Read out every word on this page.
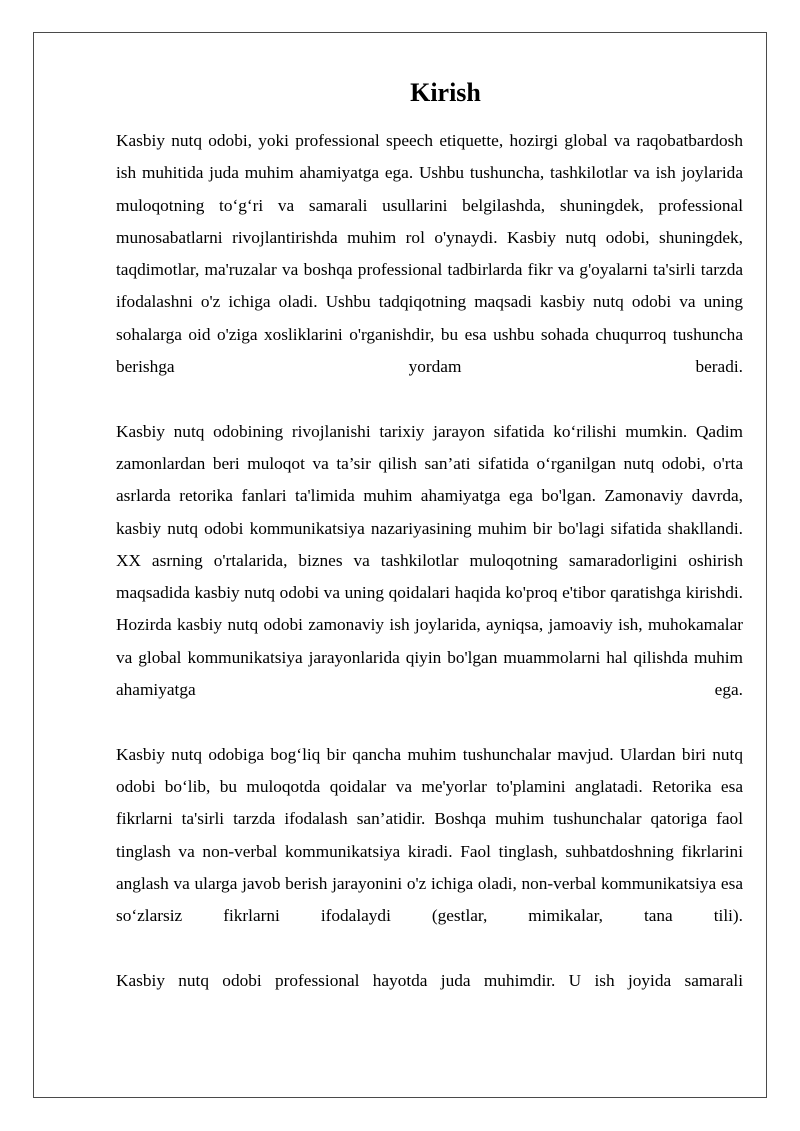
Kirish

Kasbiy nutq odobi, yoki professional speech etiquette, hozirgi global va raqobatbardosh ish muhitida juda muhim ahamiyatga ega. Ushbu tushuncha, tashkilotlar va ish joylarida muloqotning to‘g‘ri va samarali usullarini belgilashda, shuningdek, professional munosabatlarni rivojlantirishda muhim rol o'ynaydi. Kasbiy nutq odobi, shuningdek, taqdimotlar, ma'ruzalar va boshqa professional tadbirlarda fikr va g'oyalarni ta'sirli tarzda ifodalashni o'z ichiga oladi. Ushbu tadqiqotning maqsadi kasbiy nutq odobi va uning sohalarga oid o'ziga xosliklarini o'rganishdir, bu esa ushbu sohada chuqurroq tushuncha berishga yordam beradi.

Kasbiy nutq odobining rivojlanishi tarixiy jarayon sifatida ko‘rilishi mumkin. Qadim zamonlardan beri muloqot va ta’sir qilish san’ati sifatida o‘rganilgan nutq odobi, o'rta asrlarda retorika fanlari ta'limida muhim ahamiyatga ega bo'lgan. Zamonaviy davrda, kasbiy nutq odobi kommunikatsiya nazariyasining muhim bir bo'lagi sifatida shakllandi. XX asrning o'rtalarida, biznes va tashkilotlar muloqotning samaradorligini oshirish maqsadida kasbiy nutq odobi va uning qoidalari haqida ko'proq e'tibor qaratishga kirishdi. Hozirda kasbiy nutq odobi zamonaviy ish joylarida, ayniqsa, jamoaviy ish, muhokamalar va global kommunikatsiya jarayonlarida qiyin bo'lgan muammolarni hal qilishda muhim ahamiyatga ega.

Kasbiy nutq odobiga bog‘liq bir qancha muhim tushunchalar mavjud. Ulardan biri nutq odobi bo‘lib, bu muloqotda qoidalar va me'yorlar to'plamini anglatadi. Retorika esa fikrlarni ta'sirli tarzda ifodalash san’atidir. Boshqa muhim tushunchalar qatoriga faol tinglash va non-verbal kommunikatsiya kiradi. Faol tinglash, suhbatdoshning fikrlarini anglash va ularga javob berish jarayonini o'z ichiga oladi, non-verbal kommunikatsiya esa so‘zlarsiz fikrlarni ifodalaydi (gestlar, mimikalar, tana tili).

Kasbiy nutq odobi professional hayotda juda muhimdir. U ish joyida samarali
